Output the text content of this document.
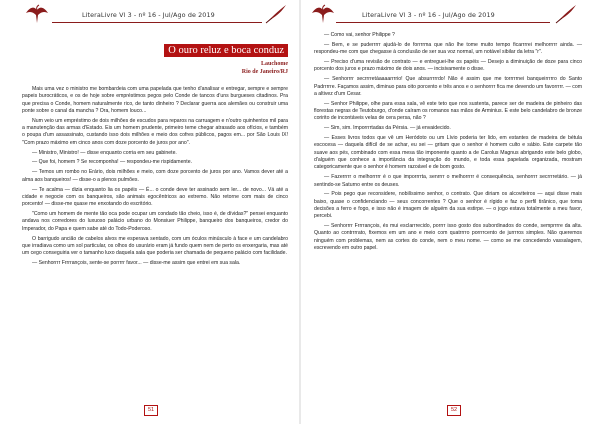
LiteraLivre Vl 3 - nº 16 - Jul/Ago de 2019
O ouro reluz e boca conduz
Lauchome
Rio de Janeiro/RJ

Mais uma vez o ministro me bombardeia com uma papelada que tenho d'analisar e entregar, sempre e sempre papeis burocráticos, e os de hoje sobre empréstimos pegos pelo Conde de tancos d'uns burgueses citadinos. Pra que precisa o Conde, homem naturalmente rico, de tanto dinheiro ? Declarar guerra aos alemães ou construir uma ponte sobre o canal da mancha ? Ora, homem louco...

Num veio um empréstimo de dois milhões de escudos para reparos na carruagem e n'outro quinhentos mil para a manutenção das armas d'Estado. Eis um homem prudente, primeiro teme chegar atrasado aos ofícios, e também o poupa d'um assassinato, custando isso dois milhões e meio dos cofres públicos, pagos em... por São Louis IX! "Com prazo máximo em cinco anos com doze porcento de juros por ano".

— Ministro, Ministro! — disse enquanto corria em seu gabinete.

— Que foi, homem ? Se recomponha! — respondeu-me rispidamente.

— Temos um rombo no Erário, dois milhões e meio, com doze porcento de juros por ano. Vamos dever até a alma aos banqueiros! — disse-o a plenos pulmões.

— Te acalma — dizia enquanto lia os papéis — É... o conde deve ter assinado sem ler... de novo... Vá até a cidade e negocie com os banqueiros, são animais egocêntricos ao extremo. Não retorne com mais de cinco porcento! — disse-me quase me enxotando do escritório.

"Como um homem de mente tão oca pode ocupar um condado tão cheio, isso é, de dívidas?" pensei enquanto andava nos corredores do luxuoso palácio urbano do Monsiuer Philippe, banqueiro dos banqueiros, credor do Imperador, do Papa e quem sabe até do Todo-Poderoso.

O barrigudo ancião de cabelos alvos me esperava sentado, com um óculos minúsculo à face e um candelabro que irradiava como um sol particular, os olhos do usurário eram já fundo quem nem de perto os enxergaria, mas até um cego conseguiria ver o tamanho luxo daquela sala que poderia ser chamada de pequeno palácio com facilidade.

— Senhorrrr Frrrrançois, sente-se porrrrr favor... — disse-me assim que entrei em sua sala.

51
LiteraLivre Vl 3 - nº 16 - Jul/Ago de 2019

— Como vai, senhor Philippe ?

— Bem, e se puderrrrr ajudá-lo de forrrrma que não lhe tome muito tempo ficarrrrei melhorrrrr ainda. — respondeu-me com que chegasse à conclusão de ser sua voz normal, um notável sibilar da letra "r".

— Preciso d'uma revisão de contrato — e entreguei-lhe os papéis — Desejo a diminuição de doze para cinco porcento dos juros e prazo máximo de dois anos. — incisivamente o disse.

— Senhorrrr secrrrretáaaaarrrrio! Que absurrrrrdo! Não é assim que me torrrrrnei banqueirrrrro do Santo Padrrrrre. Façamos assim, diminuo para oito porcento e três anos e o senhorrrr fica me devendo um favorrrrr. — com a altivez d'um Cesar.

— Senhor Philippe, olhe para essa sala, vê este teto que nos sustenta, parece ser de madeira de pinheiro das florestas negras de Teutoburgo, d'onde caíram os romanos nas mãos de Arminius. E este belo candelabro de bronze coririto de incontáveis velas de cera persa, não ?

— Sim, sim. Imporrrrtadas da Pérsia. — já envaidecido.

— Esses livros todos que vê um Heródoto ou um Lívio poderia ter lido, em estantes de madeira de bétula escocesa — daquela difícil de se achar, eu sei — gritam que o senhor é homem culto e sábio. Este carpete tão suave aos pés, combinado com essa mesa tão imponente quanto a de Carolus Magnus abrigando este belo globo, d'alguém que conhece a importância da integração do mundo, e toda essa papelada organizada, mostram categoricamente que o senhor é homem razoável e de bom gosto.

— Fazerrrrr o melhorrrrr é o que imporrrrta, senrrrr o melhorrrrr é consequência, senhorrrr secrrrretário. — já sentindo-se Saturno entre os deuses.

— Pois pego que reconsidere, nobilíssimo senhor, o contrato. Que diriam os alcoviteiros — aqui disse mais baixo, quase o confidenciando — seus concorrentes ? Que o senhor é rígido e faz o perfil tirânico, que toma decisões a ferro e fogo, e isso não é imagem de alguém da sua estirpe. — o jogo estava totalmente a meu favor, percebi.

— Senhorrrr Frrrrançois, és mui esclarrrecido, porrrr isso gosto dos subordinados do conde, semprrrre da alta. Quanto ao contrrrrato, fixemos em um ano e meio com quatrrrro porrrrcento de jurrrros simples. Não queremos ninguém com problemas, nem as cortes do conde, nem o meu nome. — como se me concedendo vassalagem, escrevendo em outro papel.

52
